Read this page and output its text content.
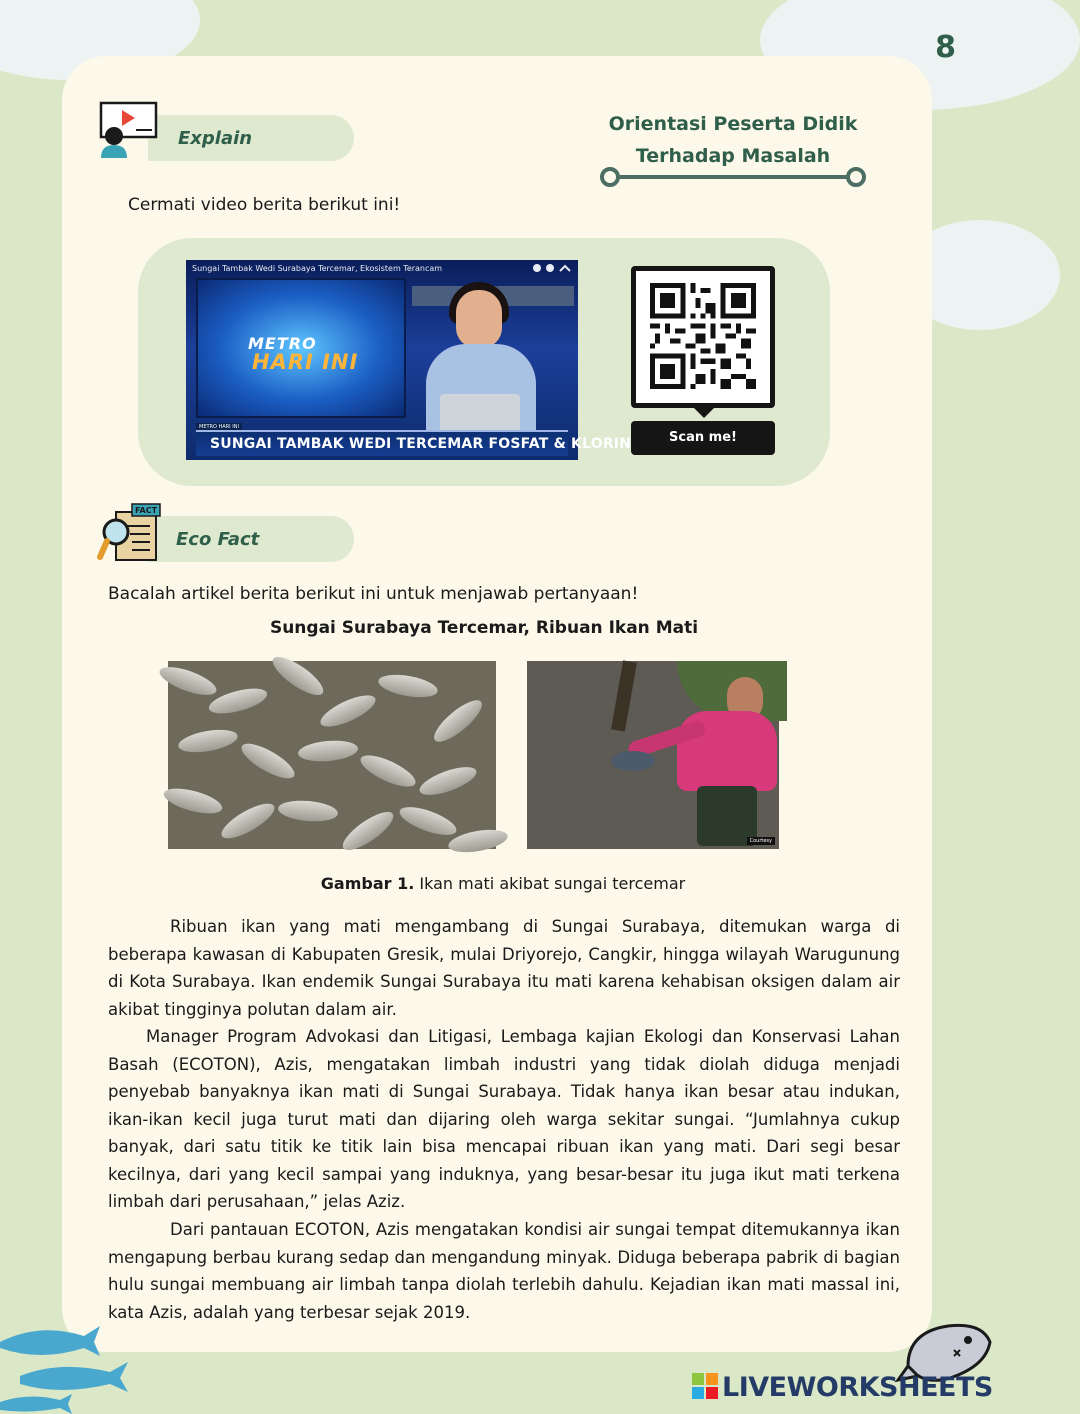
8
Explain
Orientasi Peserta Didik
Terhadap Masalah
Cermati video berita berikut ini!
Sungai Tambak Wedi Surabaya Tercemar, Ekosistem Terancam
METRO
HARI INI
METRO HARI INI
SUNGAI TAMBAK WEDI TERCEMAR FOSFAT & KLORIN	Scan me!
FACT
Eco Fact
Bacalah artikel berita berikut ini untuk menjawab pertanyaan!
Sungai Surabaya Tercemar, Ribuan Ikan Mati
Courtesy
Gambar 1. Ikan mati akibat sungai tercemar

Ribuan ikan yang mati mengambang di Sungai Surabaya, ditemukan warga di beberapa kawasan di Kabupaten Gresik, mulai Driyorejo, Cangkir, hingga wilayah Warugunung di Kota Surabaya. Ikan endemik Sungai Surabaya itu mati karena kehabisan oksigen dalam air akibat tingginya polutan dalam air.

Manager Program Advokasi dan Litigasi, Lembaga kajian Ekologi dan Konservasi Lahan Basah (ECOTON), Azis, mengatakan limbah industri yang tidak diolah diduga menjadi penyebab banyaknya ikan mati di Sungai Surabaya. Tidak hanya ikan besar atau indukan, ikan-ikan kecil juga turut mati dan dijaring oleh warga sekitar sungai. “Jumlahnya cukup banyak, dari satu titik ke titik lain bisa mencapai ribuan ikan yang mati. Dari segi besar kecilnya, dari yang kecil sampai yang induknya, yang besar-besar itu juga ikut mati terkena limbah dari perusahaan,” jelas Aziz.

Dari pantauan ECOTON, Azis mengatakan kondisi air sungai tempat ditemukannya ikan mengapung berbau kurang sedap dan mengandung minyak. Diduga beberapa pabrik di bagian hulu sungai membuang air limbah tanpa diolah terlebih dahulu. Kejadian ikan mati massal ini, kata Azis, adalah yang terbesar sejak 2019.

LIVEWORKSHEETS
